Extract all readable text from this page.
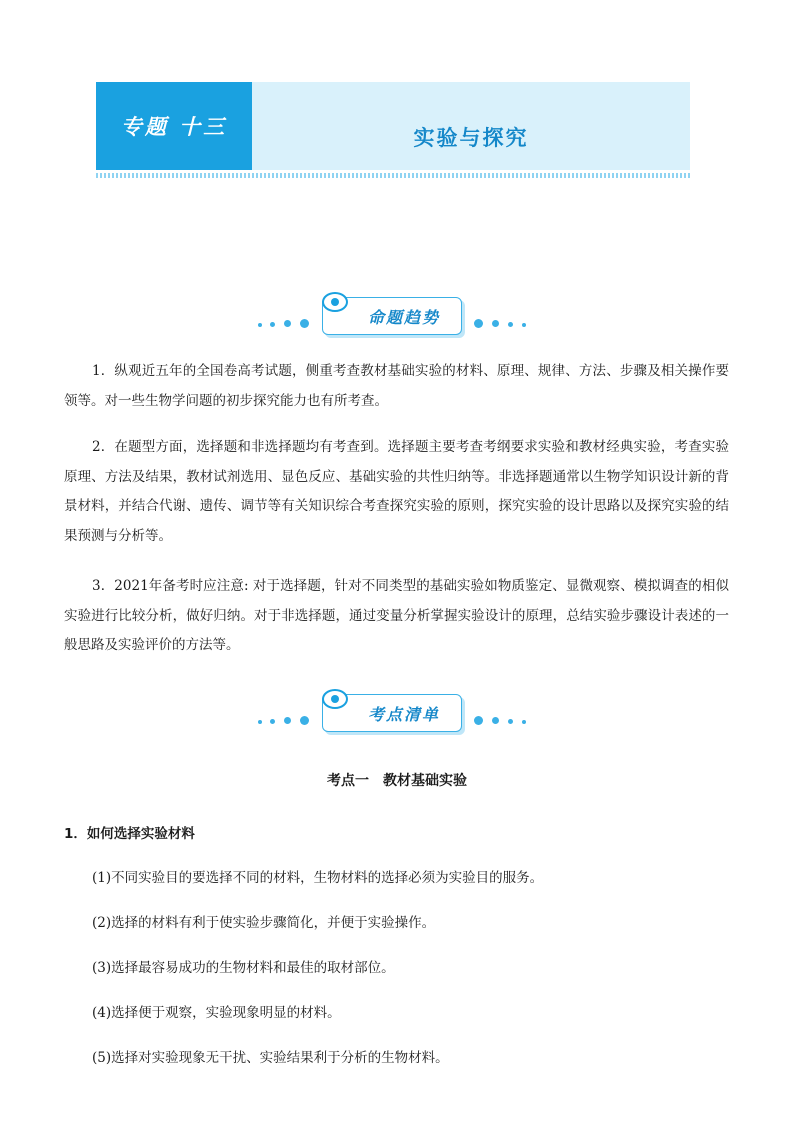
专题 十三	实验与探究
命题趋势

1．纵观近五年的全国卷高考试题，侧重考查教材基础实验的材料、原理、规律、方法、步骤及相关操作要领等。对一些生物学问题的初步探究能力也有所考查。

2．在题型方面，选择题和非选择题均有考查到。选择题主要考查考纲要求实验和教材经典实验，考查实验原理、方法及结果，教材试剂选用、显色反应、基础实验的共性归纳等。非选择题通常以生物学知识设计新的背景材料，并结合代谢、遗传、调节等有关知识综合考查探究实验的原则，探究实验的设计思路以及探究实验的结果预测与分析等。

3．2021年备考时应注意: 对于选择题，针对不同类型的基础实验如物质鉴定、显微观察、模拟调查的相似实验进行比较分析，做好归纳。对于非选择题，通过变量分析掌握实验设计的原理，总结实验步骤设计表述的一般思路及实验评价的方法等。

考点清单
考点一　教材基础实验
1．如何选择实验材料

(1)不同实验目的要选择不同的材料，生物材料的选择必须为实验目的服务。

(2)选择的材料有利于使实验步骤简化，并便于实验操作。

(3)选择最容易成功的生物材料和最佳的取材部位。

(4)选择便于观察，实验现象明显的材料。

(5)选择对实验现象无干扰、实验结果利于分析的生物材料。
